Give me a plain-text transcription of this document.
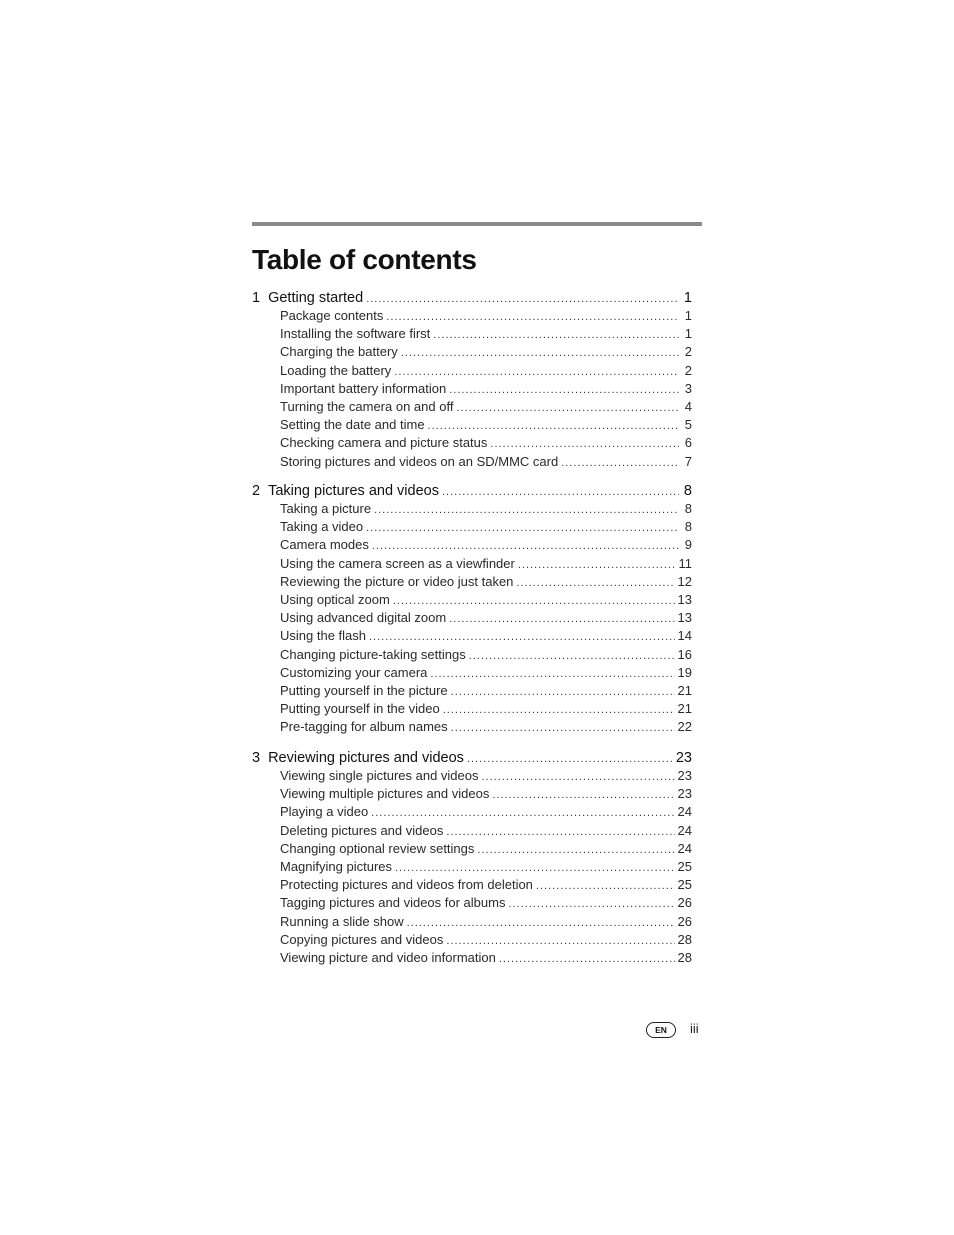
Table of contents
1 Getting started .....	1
Package contents .....	1
Installing the software first .....	1
Charging the battery .....	2
Loading the battery .....	2
Important battery information .....	3
Turning the camera on and off .....	4
Setting the date and time .....	5
Checking camera and picture status .....	6
Storing pictures and videos on an SD/MMC card .....	7
2 Taking pictures and videos .....	8
Taking a picture .....	8
Taking a video .....	8
Camera modes .....	9
Using the camera screen as a viewfinder .....	11
Reviewing the picture or video just taken .....	12
Using optical zoom .....	13
Using advanced digital zoom .....	13
Using the flash .....	14
Changing picture-taking settings .....	16
Customizing your camera .....	19
Putting yourself in the picture .....	21
Putting yourself in the video .....	21
Pre-tagging for album names .....	22
3 Reviewing pictures and videos .....	23
Viewing single pictures and videos .....	23
Viewing multiple pictures and videos .....	23
Playing a video .....	24
Deleting pictures and videos .....	24
Changing optional review settings .....	24
Magnifying pictures .....	25
Protecting pictures and videos from deletion .....	25
Tagging pictures and videos for albums .....	26
Running a slide show .....	26
Copying pictures and videos .....	28
Viewing picture and video information .....	28
EN	iii
